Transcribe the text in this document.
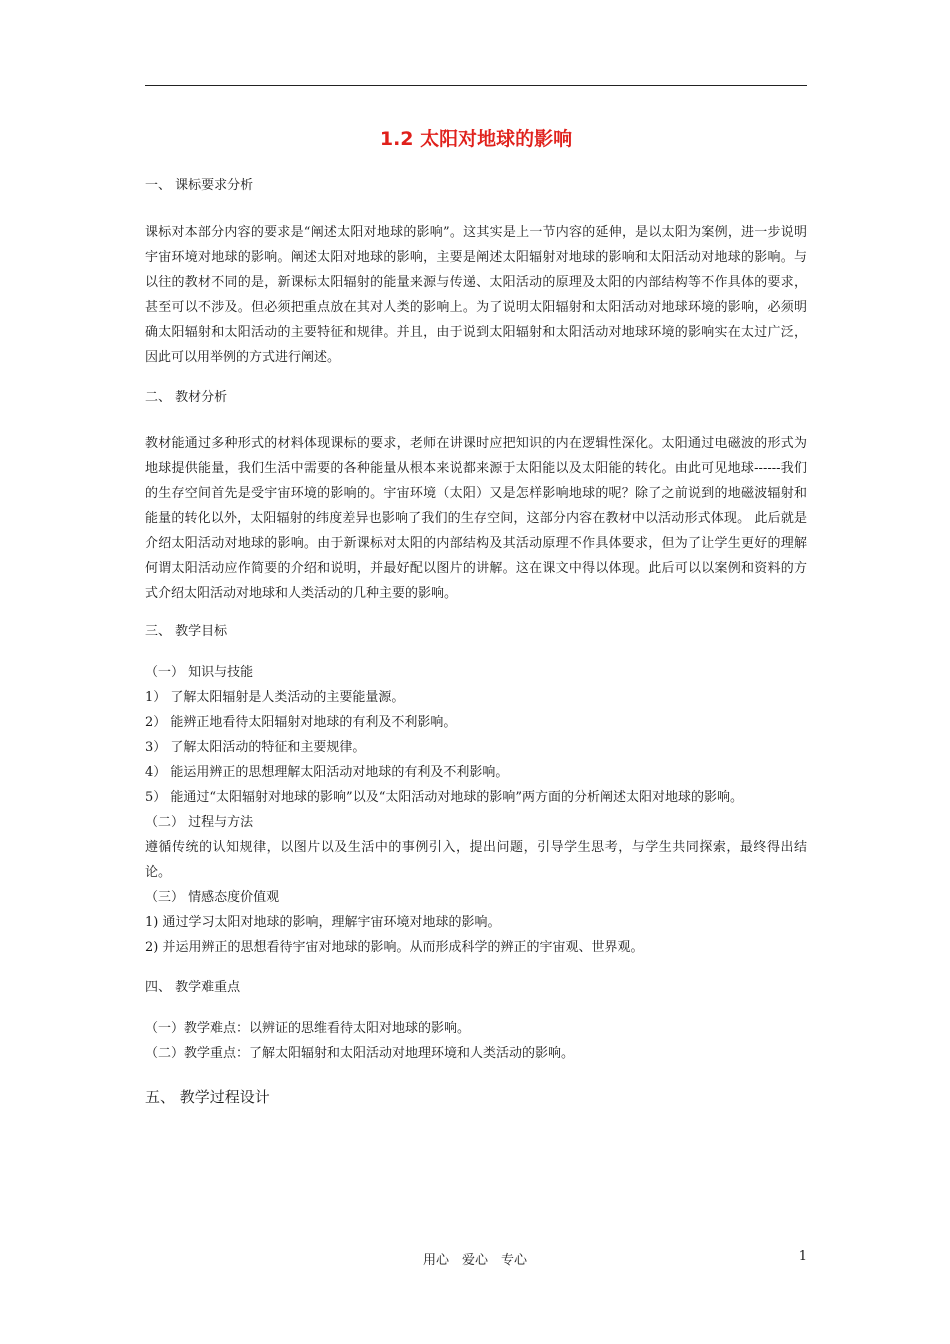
1.2 太阳对地球的影响

一、 课标要求分析

课标对本部分内容的要求是“阐述太阳对地球的影响”。这其实是上一节内容的延伸，是以太阳为案例，进一步说明宇宙环境对地球的影响。阐述太阳对地球的影响，主要是阐述太阳辐射对地球的影响和太阳活动对地球的影响。与以往的教材不同的是，新课标太阳辐射的能量来源与传递、太阳活动的原理及太阳的内部结构等不作具体的要求，甚至可以不涉及。但必须把重点放在其对人类的影响上。为了说明太阳辐射和太阳活动对地球环境的影响，必须明确太阳辐射和太阳活动的主要特征和规律。并且，由于说到太阳辐射和太阳活动对地球环境的影响实在太过广泛，因此可以用举例的方式进行阐述。

二、 教材分析

教材能通过多种形式的材料体现课标的要求，老师在讲课时应把知识的内在逻辑性深化。太阳通过电磁波的形式为地球提供能量，我们生活中需要的各种能量从根本来说都来源于太阳能以及太阳能的转化。由此可见地球------我们的生存空间首先是受宇宙环境的影响的。宇宙环境（太阳）又是怎样影响地球的呢？除了之前说到的地磁波辐射和能量的转化以外，太阳辐射的纬度差异也影响了我们的生存空间，这部分内容在教材中以活动形式体现。 此后就是介绍太阳活动对地球的影响。由于新课标对太阳的内部结构及其活动原理不作具体要求，但为了让学生更好的理解何谓太阳活动应作简要的介绍和说明，并最好配以图片的讲解。这在课文中得以体现。此后可以以案例和资料的方式介绍太阳活动对地球和人类活动的几种主要的影响。

三、 教学目标

（一） 知识与技能

1） 了解太阳辐射是人类活动的主要能量源。

2） 能辨正地看待太阳辐射对地球的有利及不利影响。

3） 了解太阳活动的特征和主要规律。

4） 能运用辨正的思想理解太阳活动对地球的有利及不利影响。

5） 能通过“太阳辐射对地球的影响”以及“太阳活动对地球的影响”两方面的分析阐述太阳对地球的影响。

（二） 过程与方法

遵循传统的认知规律，以图片以及生活中的事例引入，提出问题，引导学生思考，与学生共同探索，最终得出结论。

（三） 情感态度价值观

1) 通过学习太阳对地球的影响，理解宇宙环境对地球的影响。

2) 并运用辨正的思想看待宇宙对地球的影响。从而形成科学的辨正的宇宙观、世界观。

四、 教学难重点

（一）教学难点：以辨证的思维看待太阳对地球的影响。

（二）教学重点：了解太阳辐射和太阳活动对地理环境和人类活动的影响。

五、 教学过程设计

用心　爱心　专心	1
